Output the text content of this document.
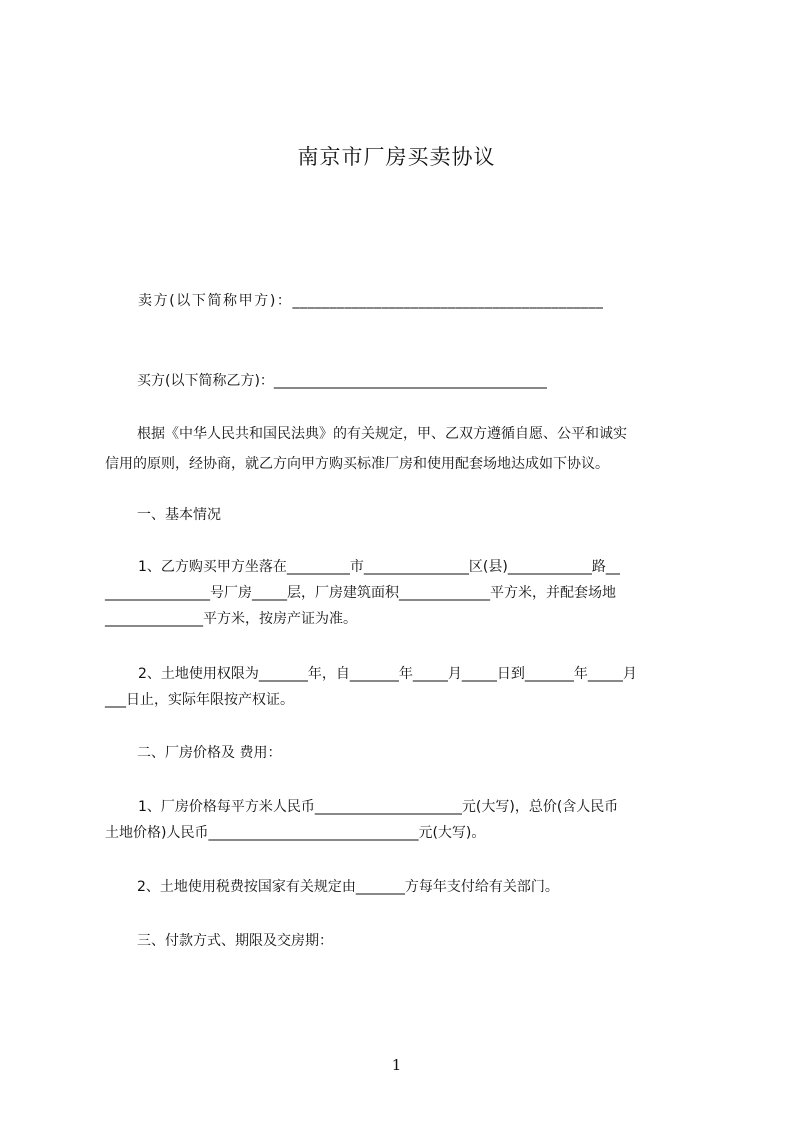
南京市厂房买卖协议
卖方(以下简称甲方)：__________________________________________
买方(以下简称乙方)：_______________________________________
根据《中华人民共和国民法典》的有关规定，甲、乙双方遵循自愿、公平和诚实
信用的原则，经协商，就乙方向甲方购买标准厂房和使用配套场地达成如下协议。
一、基本情况
1、乙方购买甲方坐落在_________市_______________区(县)____________路__
_______________号厂房_____层，厂房建筑面积_____________平方米，并配套场地
______________平方米，按房产证为准。
2、土地使用权限为_______年，自_______年_____月_____日到_______年_____月
___日止，实际年限按产权证。
二、厂房价格及 费用：
1、厂房价格每平方米人民币_____________________元(大写)，总价(含人民币
土地价格)人民币______________________________元(大写)。
2、土地使用税费按国家有关规定由_______方每年支付给有关部门。
三、付款方式、期限及交房期：
1
